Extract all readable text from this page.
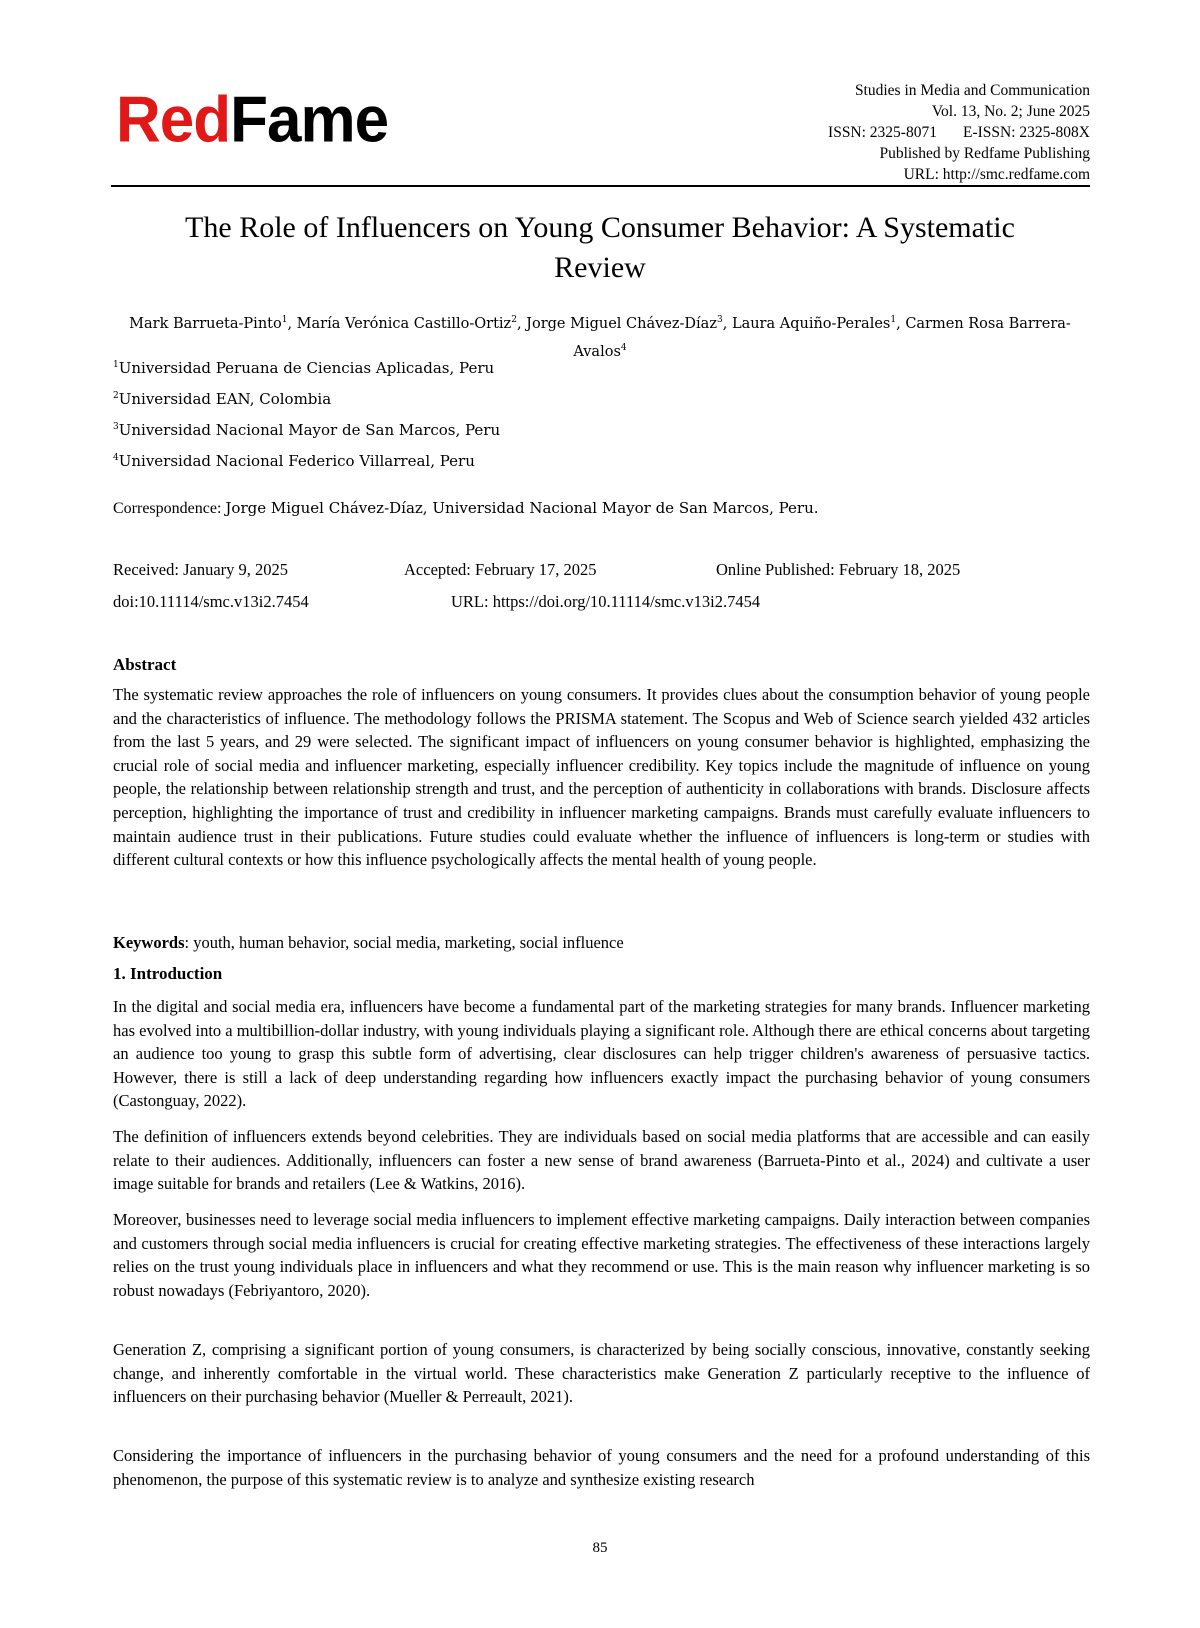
RedFame	Studies in Media and Communication
Vol. 13, No. 2; June 2025
ISSN: 2325-8071 E-ISSN: 2325-808X
Published by Redfame Publishing
URL: http://smc.redfame.com
The Role of Influencers on Young Consumer Behavior: A Systematic
Review
Mark Barrueta-Pinto$^1$, María Verónica Castillo-Ortiz$^2$, Jorge Miguel Chávez-Díaz$^3$, Laura Aquiño-Perales$^1$, Carmen Rosa Barrera-Avalos$^4$
$^1$Universidad Peruana de Ciencias Aplicadas, Peru
$^2$Universidad EAN, Colombia
$^3$Universidad Nacional Mayor de San Marcos, Peru
$^4$Universidad Nacional Federico Villarreal, Peru
Correspondence: Jorge Miguel Chávez-Díaz, Universidad Nacional Mayor de San Marcos, Peru.
Received: January 9, 2025	Accepted: February 17, 2025	Online Published: February 18, 2025
doi:10.11114/smc.v13i2.7454	URL: https://doi.org/10.11114/smc.v13i2.7454
Abstract
The systematic review approaches the role of influencers on young consumers. It provides clues about the consumption behavior of young people and the characteristics of influence. The methodology follows the PRISMA statement. The Scopus and Web of Science search yielded 432 articles from the last 5 years, and 29 were selected. The significant impact of influencers on young consumer behavior is highlighted, emphasizing the crucial role of social media and influencer marketing, especially influencer credibility. Key topics include the magnitude of influence on young people, the relationship between relationship strength and trust, and the perception of authenticity in collaborations with brands. Disclosure affects perception, highlighting the importance of trust and credibility in influencer marketing campaigns. Brands must carefully evaluate influencers to maintain audience trust in their publications. Future studies could evaluate whether the influence of influencers is long-term or studies with different cultural contexts or how this influence psychologically affects the mental health of young people.
Keywords: youth, human behavior, social media, marketing, social influence
1. Introduction
In the digital and social media era, influencers have become a fundamental part of the marketing strategies for many brands. Influencer marketing has evolved into a multibillion-dollar industry, with young individuals playing a significant role. Although there are ethical concerns about targeting an audience too young to grasp this subtle form of advertising, clear disclosures can help trigger children's awareness of persuasive tactics. However, there is still a lack of deep understanding regarding how influencers exactly impact the purchasing behavior of young consumers (Castonguay, 2022).
The definition of influencers extends beyond celebrities. They are individuals based on social media platforms that are accessible and can easily relate to their audiences. Additionally, influencers can foster a new sense of brand awareness (Barrueta-Pinto et al., 2024) and cultivate a user image suitable for brands and retailers (Lee & Watkins, 2016).
Moreover, businesses need to leverage social media influencers to implement effective marketing campaigns. Daily interaction between companies and customers through social media influencers is crucial for creating effective marketing strategies. The effectiveness of these interactions largely relies on the trust young individuals place in influencers and what they recommend or use. This is the main reason why influencer marketing is so robust nowadays (Febriyantoro, 2020).
Generation Z, comprising a significant portion of young consumers, is characterized by being socially conscious, innovative, constantly seeking change, and inherently comfortable in the virtual world. These characteristics make Generation Z particularly receptive to the influence of influencers on their purchasing behavior (Mueller & Perreault, 2021).
Considering the importance of influencers in the purchasing behavior of young consumers and the need for a profound understanding of this phenomenon, the purpose of this systematic review is to analyze and synthesize existing research
85
